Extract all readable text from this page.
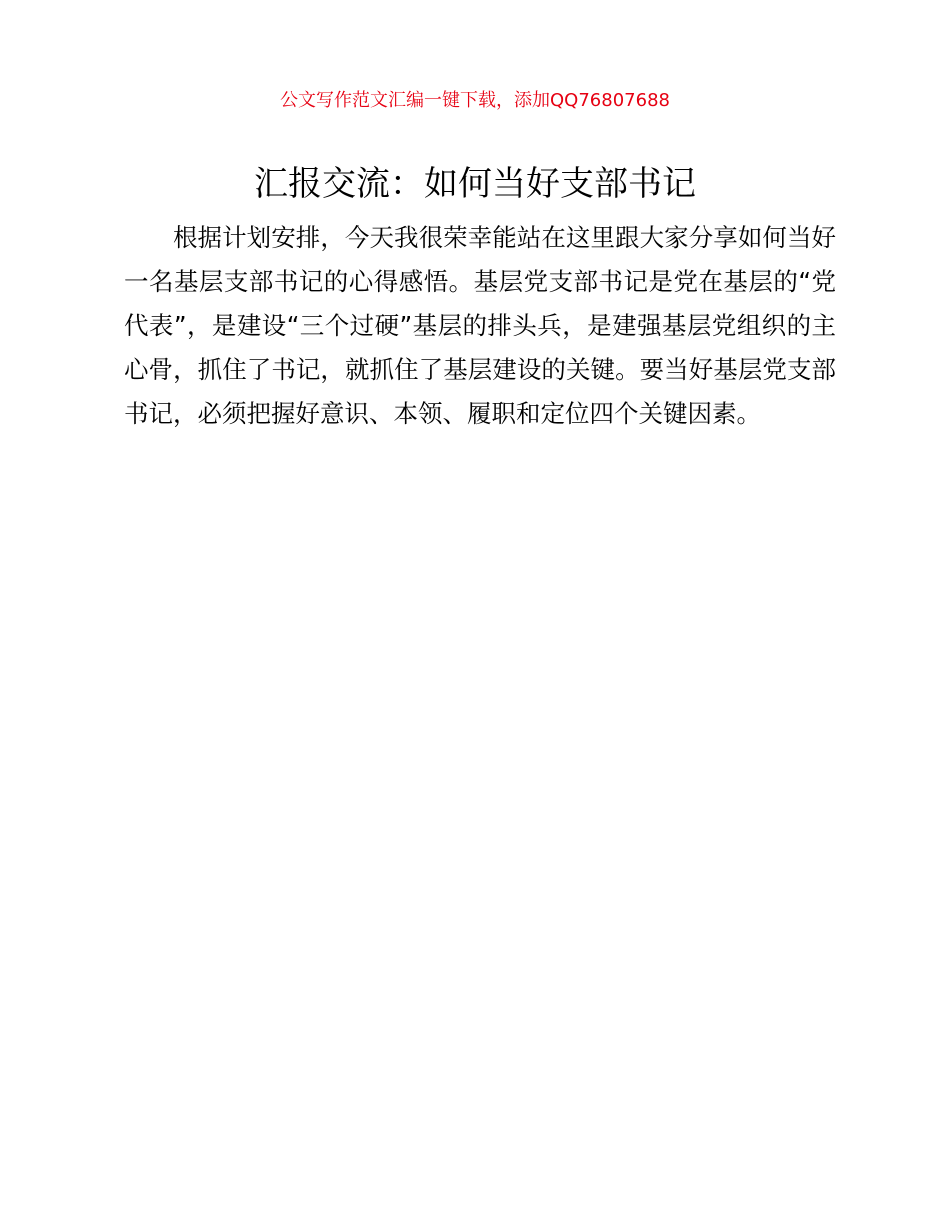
公文写作范文汇编一键下载，添加QQ76807688
汇报交流：如何当好支部书记

根据计划安排，今天我很荣幸能站在这里跟大家分享如何当好一名基层支部书记的心得感悟。基层党支部书记是党在基层的“党代表”，是建设“三个过硬”基层的排头兵，是建强基层党组织的主心骨，抓住了书记，就抓住了基层建设的关键。要当好基层党支部书记，必须把握好意识、本领、履职和定位四个关键因素。
